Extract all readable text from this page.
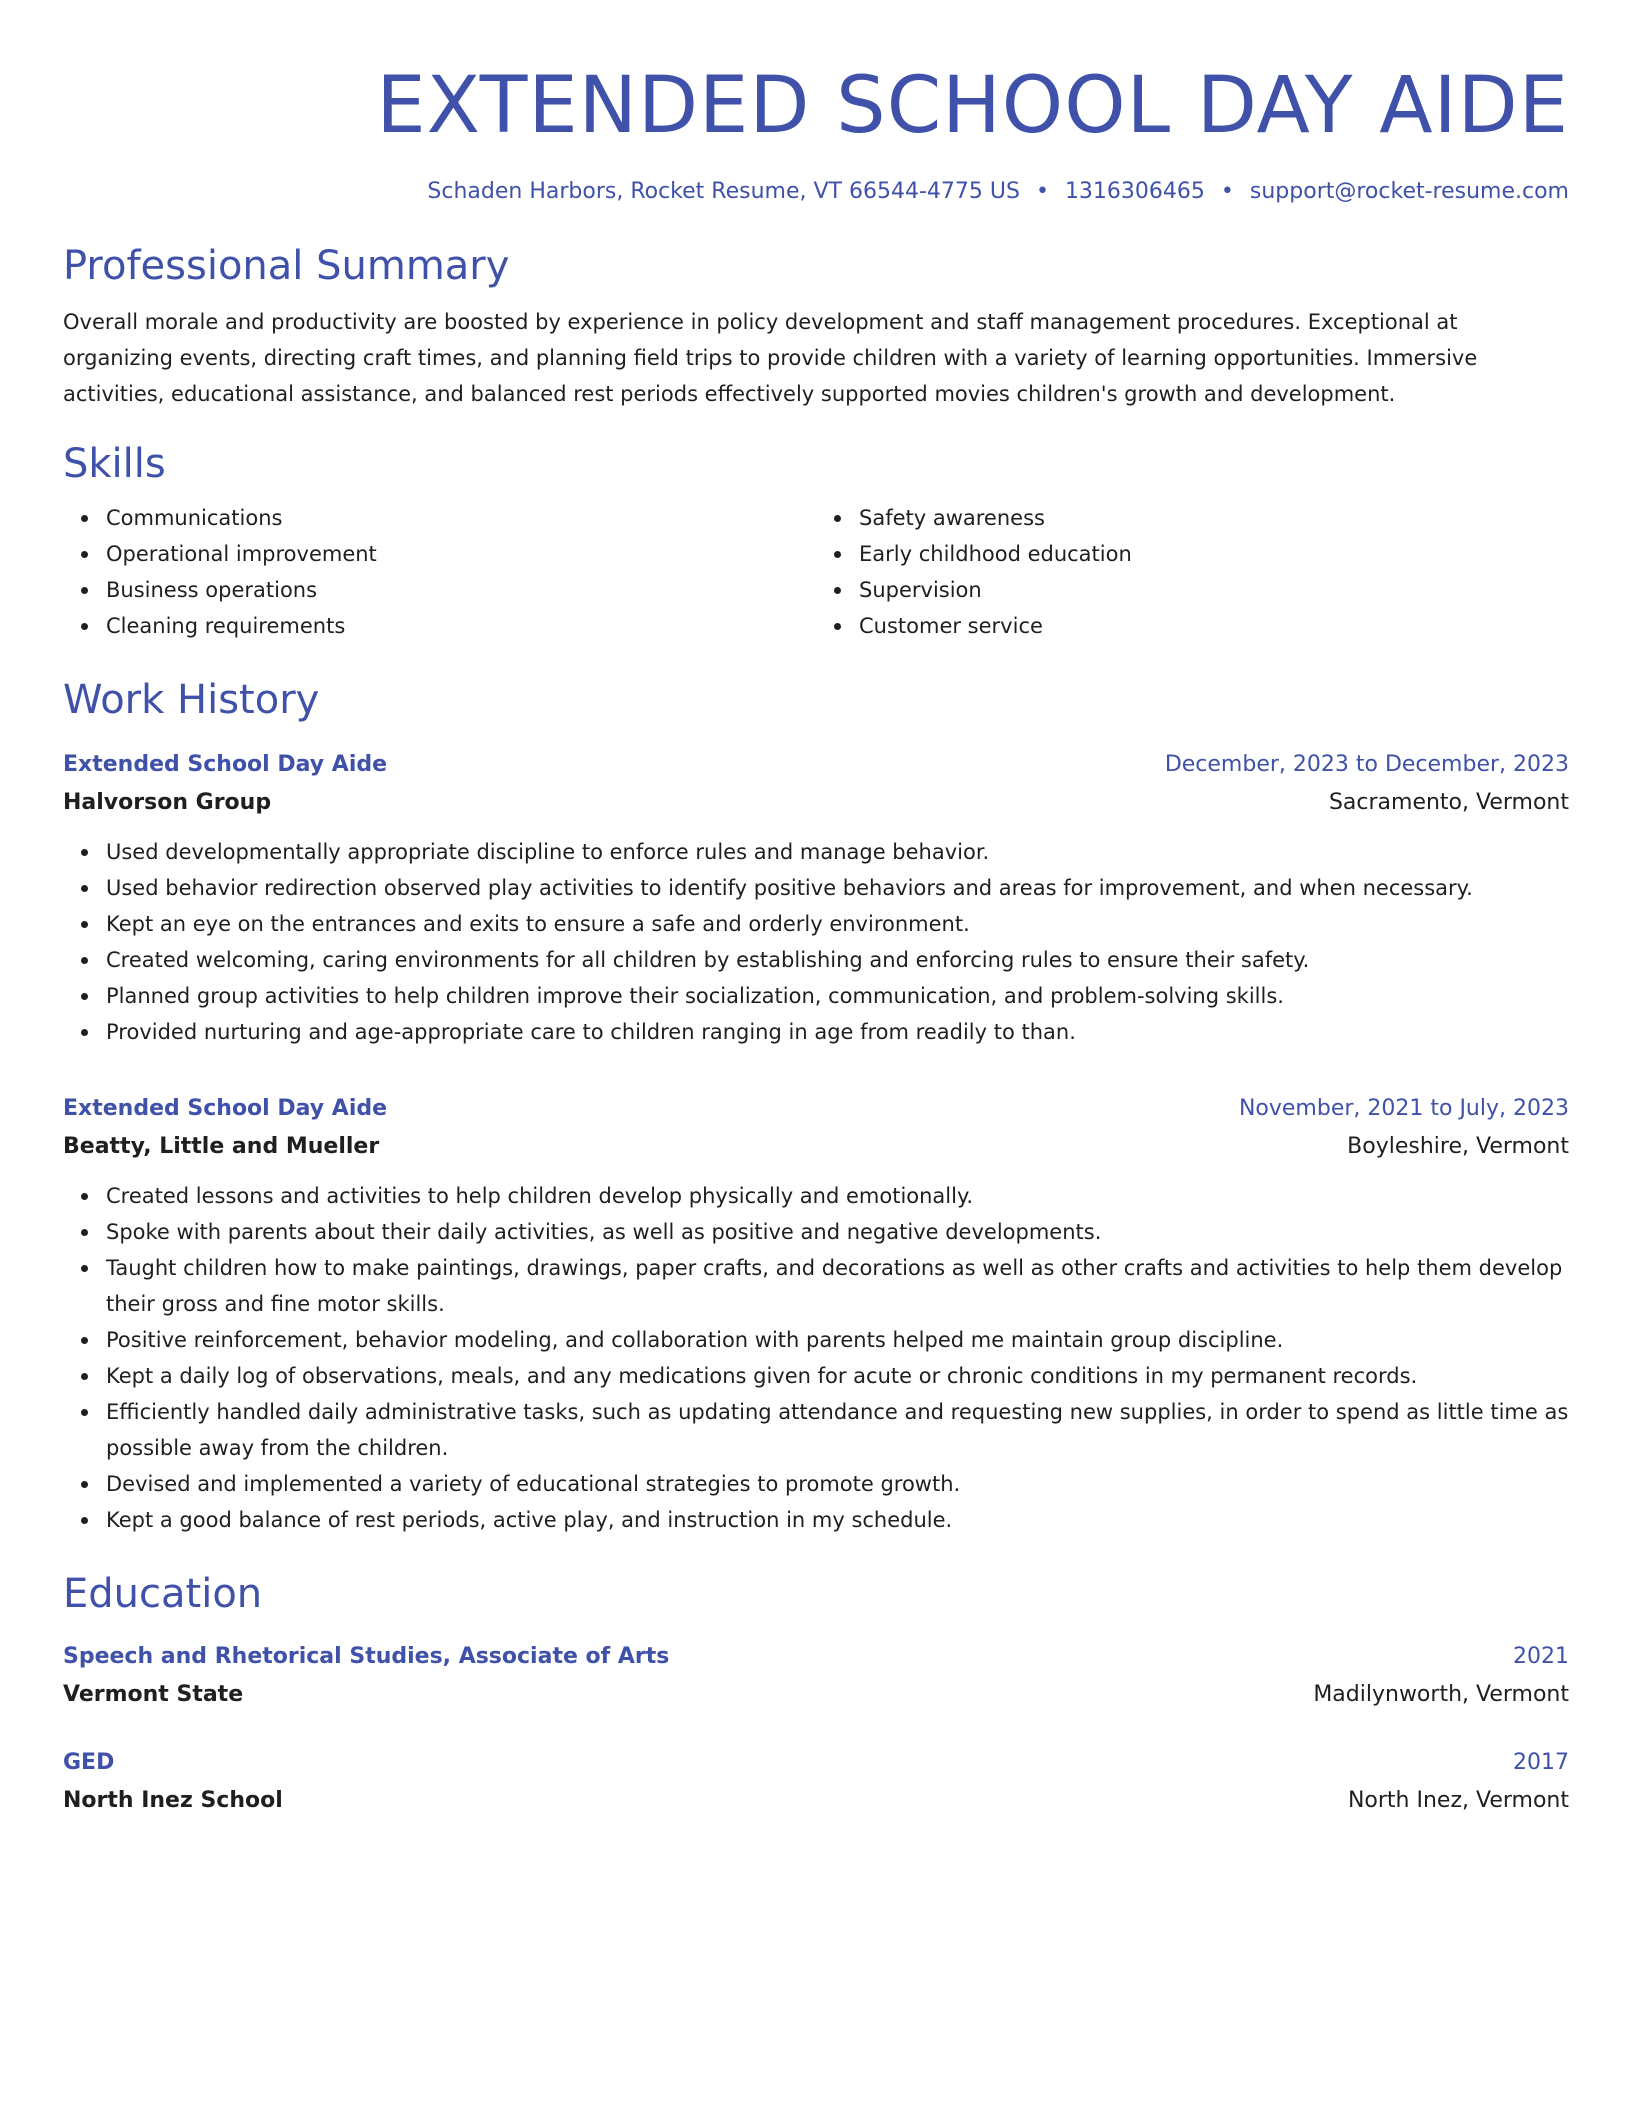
EXTENDED SCHOOL DAY AIDE
Schaden Harbors, Rocket Resume, VT 66544-4775 US • 1316306465 • support@rocket-resume.com
Professional Summary
Overall morale and productivity are boosted by experience in policy development and staff management procedures. Exceptional at organizing events, directing craft times, and planning field trips to provide children with a variety of learning opportunities. Immersive activities, educational assistance, and balanced rest periods effectively supported movies children's growth and development.
Skills
Communications
Operational improvement
Business operations
Cleaning requirements
Safety awareness
Early childhood education
Supervision
Customer service
Work History
Extended School Day Aide	December, 2023 to December, 2023
Halvorson Group	Sacramento, Vermont
Used developmentally appropriate discipline to enforce rules and manage behavior.
Used behavior redirection observed play activities to identify positive behaviors and areas for improvement, and when necessary.
Kept an eye on the entrances and exits to ensure a safe and orderly environment.
Created welcoming, caring environments for all children by establishing and enforcing rules to ensure their safety.
Planned group activities to help children improve their socialization, communication, and problem-solving skills.
Provided nurturing and age-appropriate care to children ranging in age from readily to than.
Extended School Day Aide	November, 2021 to July, 2023
Beatty, Little and Mueller	Boyleshire, Vermont
Created lessons and activities to help children develop physically and emotionally.
Spoke with parents about their daily activities, as well as positive and negative developments.
Taught children how to make paintings, drawings, paper crafts, and decorations as well as other crafts and activities to help them develop their gross and fine motor skills.
Positive reinforcement, behavior modeling, and collaboration with parents helped me maintain group discipline.
Kept a daily log of observations, meals, and any medications given for acute or chronic conditions in my permanent records.
Efficiently handled daily administrative tasks, such as updating attendance and requesting new supplies, in order to spend as little time as possible away from the children.
Devised and implemented a variety of educational strategies to promote growth.
Kept a good balance of rest periods, active play, and instruction in my schedule.
Education
Speech and Rhetorical Studies, Associate of Arts	2021
Vermont State	Madilynworth, Vermont
GED	2017
North Inez School	North Inez, Vermont
